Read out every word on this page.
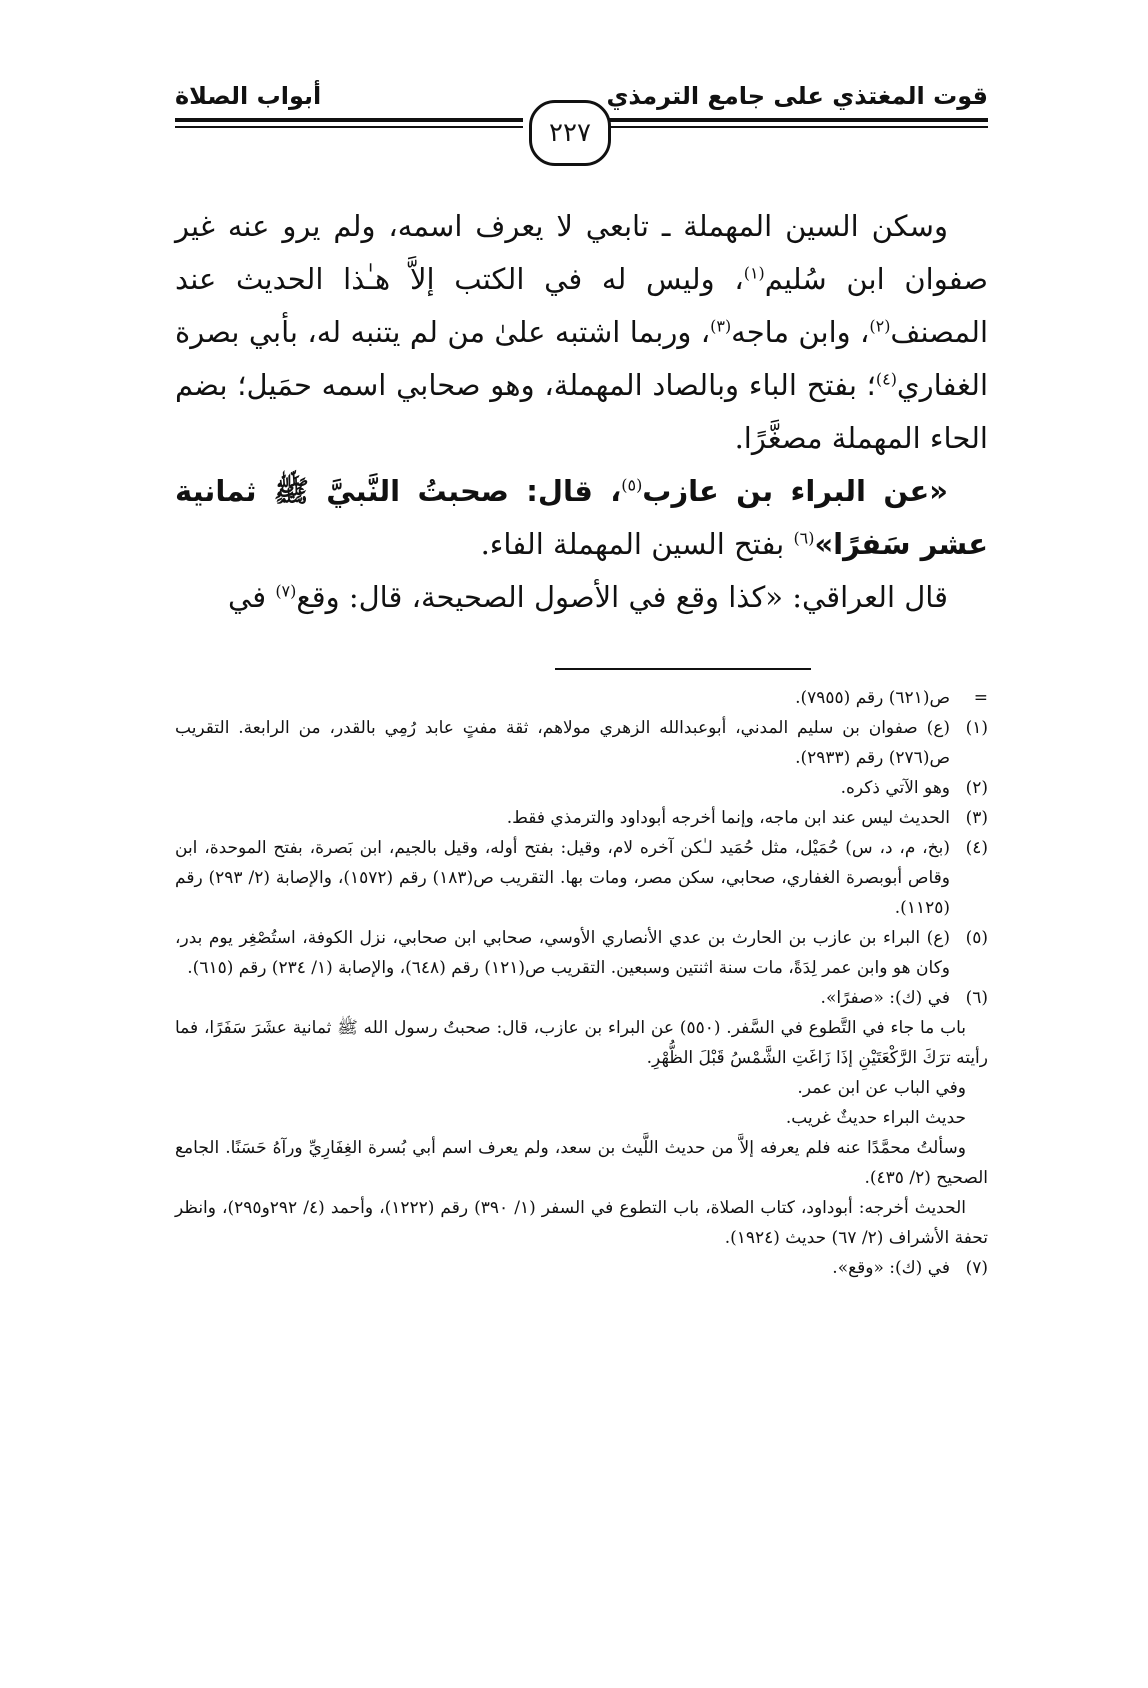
قوت المغتذي على جامع الترمذي
أبواب الصلاة
٢٢٧

وسكن السين المهملة ـ تابعي لا يعرف اسمه، ولم يرو عنه غير صفوان ابن سُليم$^{(١)}$، وليس له في الكتب إلاَّ هـٰذا الحديث عند المصنف$^{(٢)}$، وابن ماجه$^{(٣)}$، وربما اشتبه علىٰ من لم يتنبه له، بأبي بصرة الغفاري$^{(٤)}$؛ بفتح الباء وبالصاد المهملة، وهو صحابي اسمه حمَيل؛ بضم الحاء المهملة مصغَّرًا.

«عن البراء بن عازب$^{(٥)}$، قال: صحبتُ النَّبيَّ ﷺ ثمانية عشر سَفرًا»$^{(٦)}$ بفتح السين المهملة الفاء.

قال العراقي: «كذا وقع في الأصول الصحيحة، قال: وقع$^{(٧)}$ في

=
ص(٦٢١) رقم (٧٩٥٥).
(١)
(ع) صفوان بن سليم المدني، أبوعبدالله الزهري مولاهم، ثقة مفتٍ عابد رُمِي بالقدر، من الرابعة. التقريب ص(٢٧٦) رقم (٢٩٣٣).
(٢)
وهو الآتي ذكره.
(٣)
الحديث ليس عند ابن ماجه، وإنما أخرجه أبوداود والترمذي فقط.
(٤)
(بخ، م، د، س) حُمَيْل، مثل حُمَيد لـٰكن آخره لام، وقيل: بفتح أوله، وقيل بالجيم، ابن بَصرة، بفتح الموحدة، ابن وقاص أبوبصرة الغفاري، صحابي، سكن مصر، ومات بها. التقريب ص(١٨٣) رقم (١٥٧٢)، والإصابة (٢/ ٢٩٣) رقم (١١٢٥).
(٥)
(ع) البراء بن عازب بن الحارث بن عدي الأنصاري الأوسي، صحابي ابن صحابي، نزل الكوفة، استُصْغِر يوم بدر، وكان هو وابن عمر لِدَةً، مات سنة اثنتين وسبعين. التقريب ص(١٢١) رقم (٦٤٨)، والإصابة (١/ ٢٣٤) رقم (٦١٥).
(٦)
في (ك): «صفرًا».

باب ما جاء في التَّطوع في السَّفر. (٥٥٠) عن البراء بن عازب، قال: صحبتُ رسول الله ﷺ ثمانية عشَرَ سَفَرًا، فما رأيته ترَكَ الرَّكْعَتَيْنِ إذَا زَاغَتِ الشَّمْسُ قَبْلَ الظُّهْرِ.

وفي الباب عن ابن عمر.

حديث البراء حديثٌ غريب.

وسألتُ محمَّدًا عنه فلم يعرفه إلاَّ من حديث اللَّيث بن سعد، ولم يعرف اسم أبي بُسرة الغِفَارِيِّ ورآهُ حَسَنًا. الجامع الصحيح (٢/ ٤٣٥).

الحديث أخرجه: أبوداود، كتاب الصلاة، باب التطوع في السفر (١/ ٣٩٠) رقم (١٢٢٢)، وأحمد (٤/ ٢٩٢و٢٩٥)، وانظر تحفة الأشراف (٢/ ٦٧) حديث (١٩٢٤).

(٧)
في (ك): «وقع».
